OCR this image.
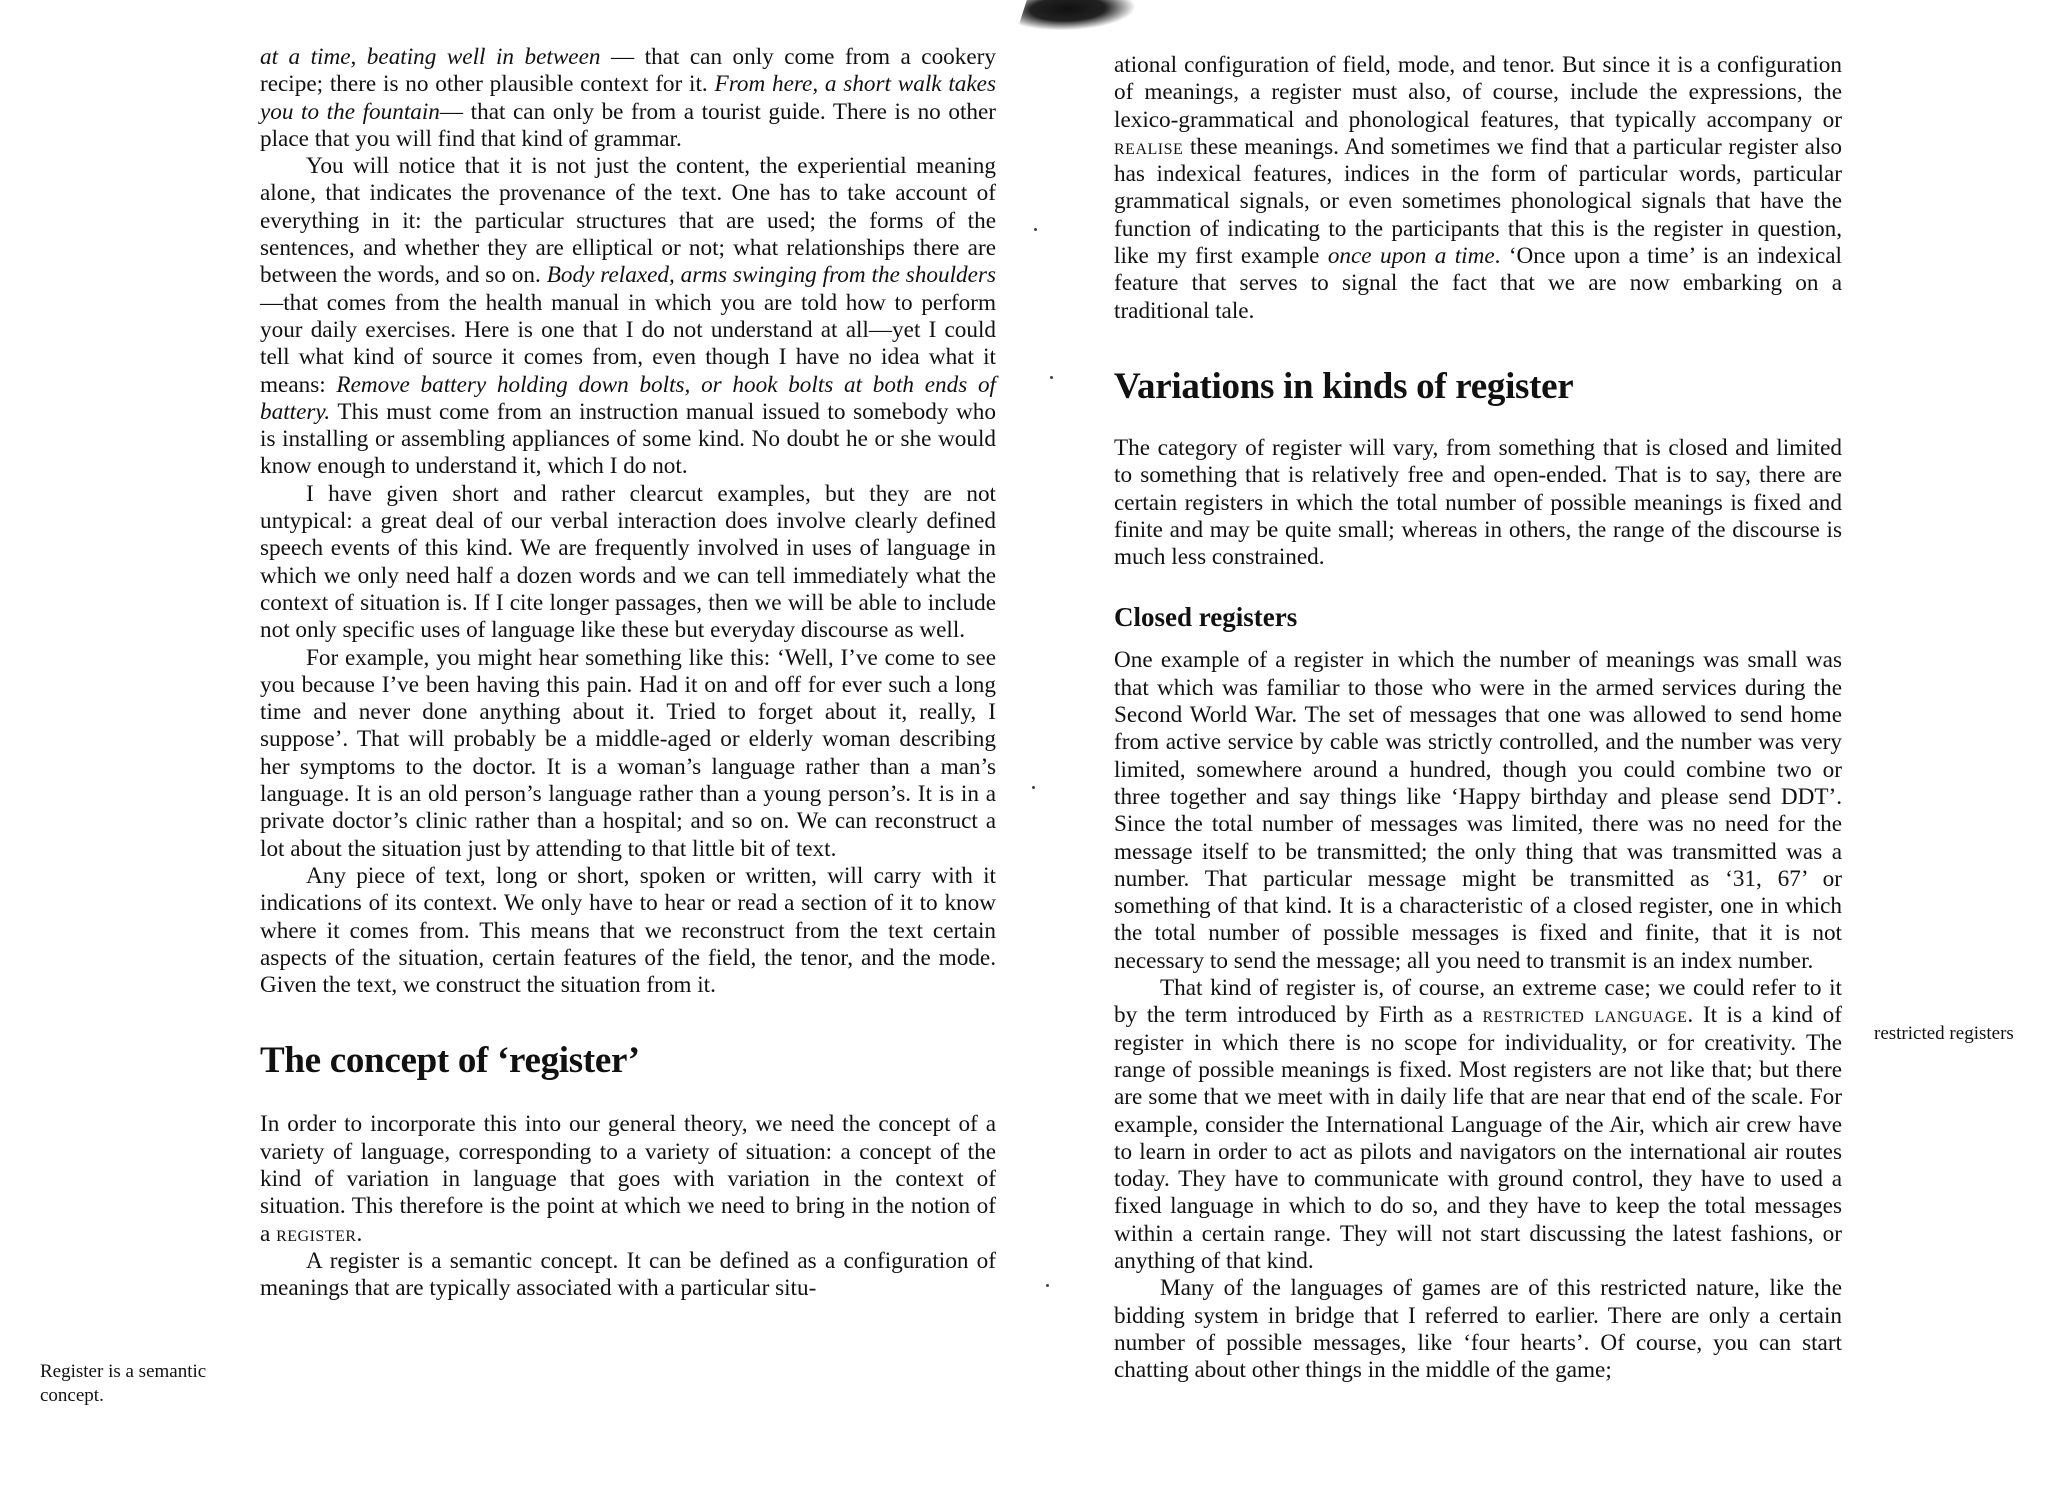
at a time, beating well in between — that can only come from a cookery recipe; there is no other plausible context for it. From here, a short walk takes you to the fountain— that can only be from a tourist guide. There is no other place that you will find that kind of grammar.

You will notice that it is not just the content, the experiential meaning alone, that indicates the provenance of the text. One has to take account of everything in it: the particular structures that are used; the forms of the sentences, and whether they are elliptical or not; what relationships there are between the words, and so on. Body relaxed, arms swinging from the shoulders—that comes from the health manual in which you are told how to perform your daily exercises. Here is one that I do not understand at all—yet I could tell what kind of source it comes from, even though I have no idea what it means: Remove battery holding down bolts, or hook bolts at both ends of battery. This must come from an instruction manual issued to somebody who is installing or assembling appliances of some kind. No doubt he or she would know enough to understand it, which I do not.

I have given short and rather clearcut examples, but they are not untypical: a great deal of our verbal interaction does involve clearly defined speech events of this kind. We are frequently involved in uses of language in which we only need half a dozen words and we can tell immediately what the context of situation is. If I cite longer passages, then we will be able to include not only specific uses of language like these but everyday discourse as well.

For example, you might hear something like this: ‘Well, I’ve come to see you because I’ve been having this pain. Had it on and off for ever such a long time and never done anything about it. Tried to forget about it, really, I suppose’. That will probably be a middle-aged or elderly woman describing her symptoms to the doctor. It is a woman’s language rather than a man’s language. It is an old person’s language rather than a young person’s. It is in a private doctor’s clinic rather than a hospital; and so on. We can reconstruct a lot about the situation just by attending to that little bit of text.

Any piece of text, long or short, spoken or written, will carry with it indications of its context. We only have to hear or read a section of it to know where it comes from. This means that we reconstruct from the text certain aspects of the situation, certain features of the field, the tenor, and the mode. Given the text, we construct the situation from it.

The concept of ‘register’

In order to incorporate this into our general theory, we need the concept of a variety of language, corresponding to a variety of situation: a concept of the kind of variation in language that goes with variation in the context of situation. This therefore is the point at which we need to bring in the notion of a register.

A register is a semantic concept. It can be defined as a configuration of meanings that are typically associated with a particular situ-

Register is a semantic concept.

ational configuration of field, mode, and tenor. But since it is a configuration of meanings, a register must also, of course, include the expressions, the lexico-grammatical and phonological features, that typically accompany or realise these meanings. And sometimes we find that a particular register also has indexical features, indices in the form of particular words, particular grammatical signals, or even sometimes phonological signals that have the function of indicating to the participants that this is the register in question, like my first example once upon a time. ‘Once upon a time’ is an indexical feature that serves to signal the fact that we are now embarking on a traditional tale.

Variations in kinds of register

The category of register will vary, from something that is closed and limited to something that is relatively free and open-ended. That is to say, there are certain registers in which the total number of possible meanings is fixed and finite and may be quite small; whereas in others, the range of the discourse is much less constrained.

Closed registers

One example of a register in which the number of meanings was small was that which was familiar to those who were in the armed services during the Second World War. The set of messages that one was allowed to send home from active service by cable was strictly controlled, and the number was very limited, somewhere around a hundred, though you could combine two or three together and say things like ‘Happy birthday and please send DDT’. Since the total number of messages was limited, there was no need for the message itself to be transmitted; the only thing that was transmitted was a number. That particular message might be transmitted as ‘31, 67’ or something of that kind. It is a characteristic of a closed register, one in which the total number of possible messages is fixed and finite, that it is not necessary to send the message; all you need to transmit is an index number.

That kind of register is, of course, an extreme case; we could refer to it by the term introduced by Firth as a restricted language. It is a kind of register in which there is no scope for individuality, or for creativity. The range of possible meanings is fixed. Most registers are not like that; but there are some that we meet with in daily life that are near that end of the scale. For example, consider the International Language of the Air, which air crew have to learn in order to act as pilots and navigators on the international air routes today. They have to communicate with ground control, they have to used a fixed language in which to do so, and they have to keep the total messages within a certain range. They will not start discussing the latest fashions, or anything of that kind.

Many of the languages of games are of this restricted nature, like the bidding system in bridge that I referred to earlier. There are only a certain number of possible messages, like ‘four hearts’. Of course, you can start chatting about other things in the middle of the game;

restricted registers
